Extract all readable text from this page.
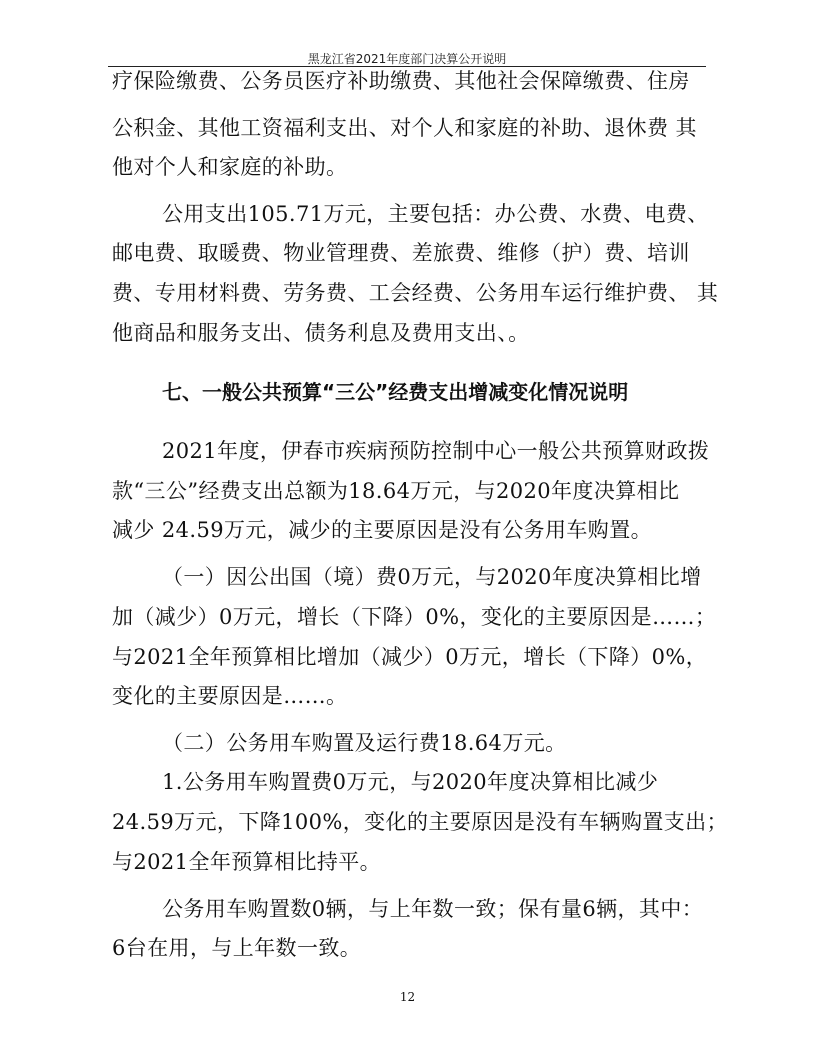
黑龙江省2021年度部门决算公开说明
疗保险缴费、公务员医疗补助缴费、其他社会保障缴费、住房
公积金、其他工资福利支出、对个人和家庭的补助、退休费 其
他对个人和家庭的补助。
公用支出105.71万元，主要包括：办公费、水费、电费、
邮电费、取暖费、物业管理费、差旅费、维修（护）费、培训
费、专用材料费、劳务费、工会经费、公务用车运行维护费、 其
他商品和服务支出、债务利息及费用支出、。
七、一般公共预算“三公”经费支出增减变化情况说明
2021年度，伊春市疾病预防控制中心一般公共预算财政拨
款“三公”经费支出总额为18.64万元，与2020年度决算相比
减少 24.59万元，减少的主要原因是没有公务用车购置。
（一）因公出国（境）费0万元，与2020年度决算相比增
加（减少）0万元，增长（下降）0%，变化的主要原因是……；
与2021全年预算相比增加（减少）0万元，增长（下降）0%，
变化的主要原因是……。
（二）公务用车购置及运行费18.64万元。
1.公务用车购置费0万元，与2020年度决算相比减少
24.59万元，下降100%，变化的主要原因是没有车辆购置支出；
与2021全年预算相比持平。
公务用车购置数0辆，与上年数一致；保有量6辆，其中：
6台在用，与上年数一致。
12
